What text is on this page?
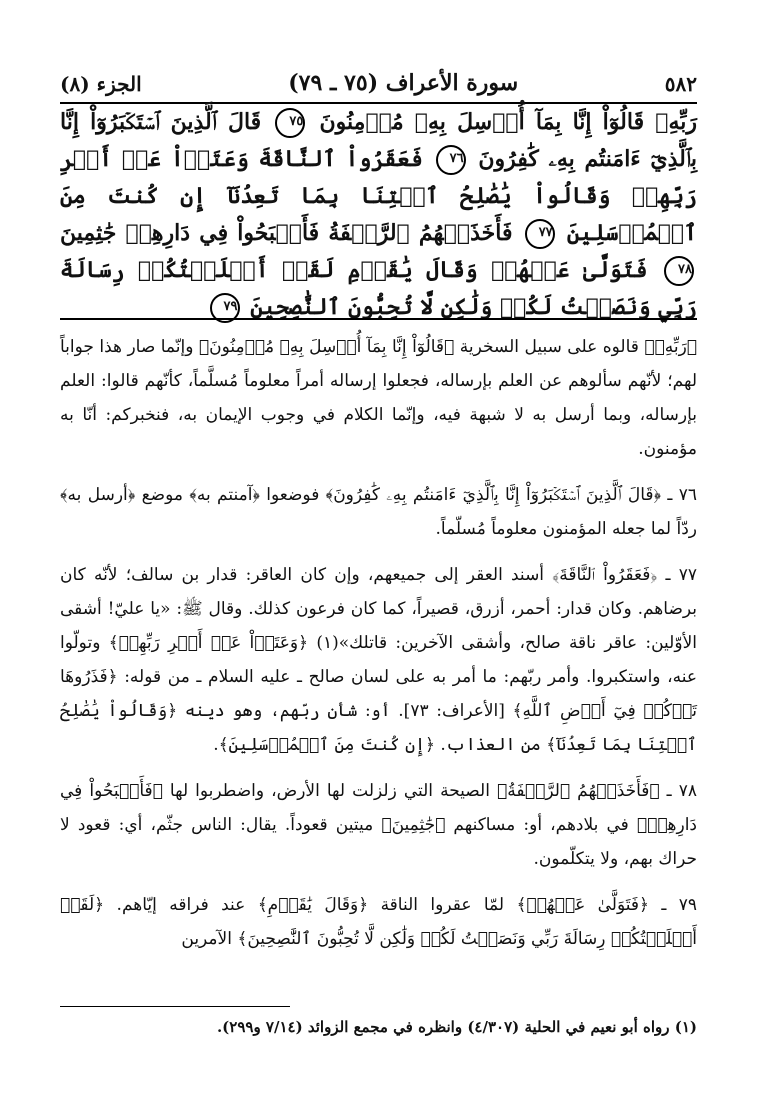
٥٨٢
سورة الأعراف (٧٥ ـ ٧٩)
الجزء (٨)
رَبِّهِۦ قَالُوٓاْ إِنَّا بِمَآ أُرۡسِلَ بِهِۦ مُؤۡمِنُونَ ٧٥ قَالَ ٱلَّذِينَ ٱسۡتَكۡبَرُوٓاْ إِنَّا بِٱلَّذِيٓ ءَامَنتُم بِهِۦ كَٰفِرُونَ ٧٦ فَعَقَرُواْ ٱلنَّاقَةَ وَعَتَوۡاْ عَنۡ أَمۡرِ رَبِّهِمۡ وَقَالُواْ يَٰصَٰلِحُ ٱئۡتِنَا بِمَا تَعِدُنَآ إِن كُنتَ مِنَ ٱلۡمُرۡسَلِينَ ٧٧ فَأَخَذَتۡهُمُ ٱلرَّجۡفَةُ فَأَصۡبَحُواْ فِي دَارِهِمۡ جَٰثِمِينَ ٧٨ فَتَوَلَّىٰ عَنۡهُمۡ وَقَالَ يَٰقَوۡمِ لَقَدۡ أَبۡلَغۡتُكُمۡ رِسَالَةَ رَبِّي وَنَصَحۡتُ لَكُمۡ وَلَٰكِن لَّا تُحِبُّونَ ٱلنَّٰصِحِينَ ٧٩

﴿رَبِّهِۦ﴾ قالوه على سبيل السخرية ﴿قَالُوٓاْ إِنَّا بِمَآ أُرۡسِلَ بِهِۦ مُؤۡمِنُونَ﴾ وإنّما صار هذا جواباً لهم؛ لأنّهم سألوهم عن العلم بإرساله، فجعلوا إرساله أمراً معلوماً مُسلَّماً، كأنّهم قالوا: العلم بإرساله، وبما أرسل به لا شبهة فيه، وإنّما الكلام في وجوب الإيمان به، فنخبركم: أنّا به مؤمنون.

٧٦ ـ ﴿قَالَ ٱلَّذِينَ ٱسۡتَكۡبَرُوٓاْ إِنَّا بِٱلَّذِيٓ ءَامَنتُم بِهِۦ كَٰفِرُونَ﴾ فوضعوا ﴿آمنتم به﴾ موضع ﴿أرسل به﴾ ردّاً لما جعله المؤمنون معلوماً مُسلّماً.

٧٧ ـ ﴿فَعَقَرُواْ ٱلنَّاقَةَ﴾ أسند العقر إلى جميعهم، وإن كان العاقر: قدار بن سالف؛ لأنّه كان برضاهم. وكان قدار: أحمر، أزرق، قصيراً، كما كان فرعون كذلك. وقال ﷺ: «يا عليّ! أشقى الأوّلين: عاقر ناقة صالح، وأشقى الآخرين: قاتلك»(١) ﴿وَعَتَوۡاْ عَنۡ أَمۡرِ رَبِّهِمۡ﴾ وتولّوا عنه، واستكبروا. وأمر ربّهم: ما أمر به على لسان صالح ـ عليه السلام ـ من قوله: ﴿فَذَرُوهَا تَأۡكُلۡ فِيٓ أَرۡضِ ٱللَّهِ﴾ [الأعراف: ٧٣]. أو: شأن ربّهم، وهو دينه ﴿وَقَالُواْ يَٰصَٰلِحُ ٱئۡتِنَا بِمَا تَعِدُنَآ﴾ من العذاب. ﴿إِن كُنتَ مِنَ ٱلۡمُرۡسَلِينَ﴾.

٧٨ ـ ﴿فَأَخَذَتۡهُمُ ٱلرَّجۡفَةُ﴾ الصيحة التي زلزلت لها الأرض، واضطربوا لها ﴿فَأَصۡبَحُواْ فِي دَارِهِمۡ﴾ في بلادهم، أو: مساكنهم ﴿جَٰثِمِينَ﴾ ميتين قعوداً. يقال: الناس جثّم، أي: قعود لا حراك بهم، ولا يتكلّمون.

٧٩ ـ ﴿فَتَوَلَّىٰ عَنۡهُمۡ﴾ لمّا عقروا الناقة ﴿وَقَالَ يَٰقَوۡمِ﴾ عند فراقه إيّاهم. ﴿لَقَدۡ أَبۡلَغۡتُكُمۡ رِسَالَةَ رَبِّي وَنَصَحۡتُ لَكُمۡ وَلَٰكِن لَّا تُحِبُّونَ ٱلنَّٰصِحِينَ﴾ الآمرين

(١) رواه أبو نعيم في الحلية (٤/٣٠٧) وانظره في مجمع الزوائد (٧/١٤ و٢٩٩).
